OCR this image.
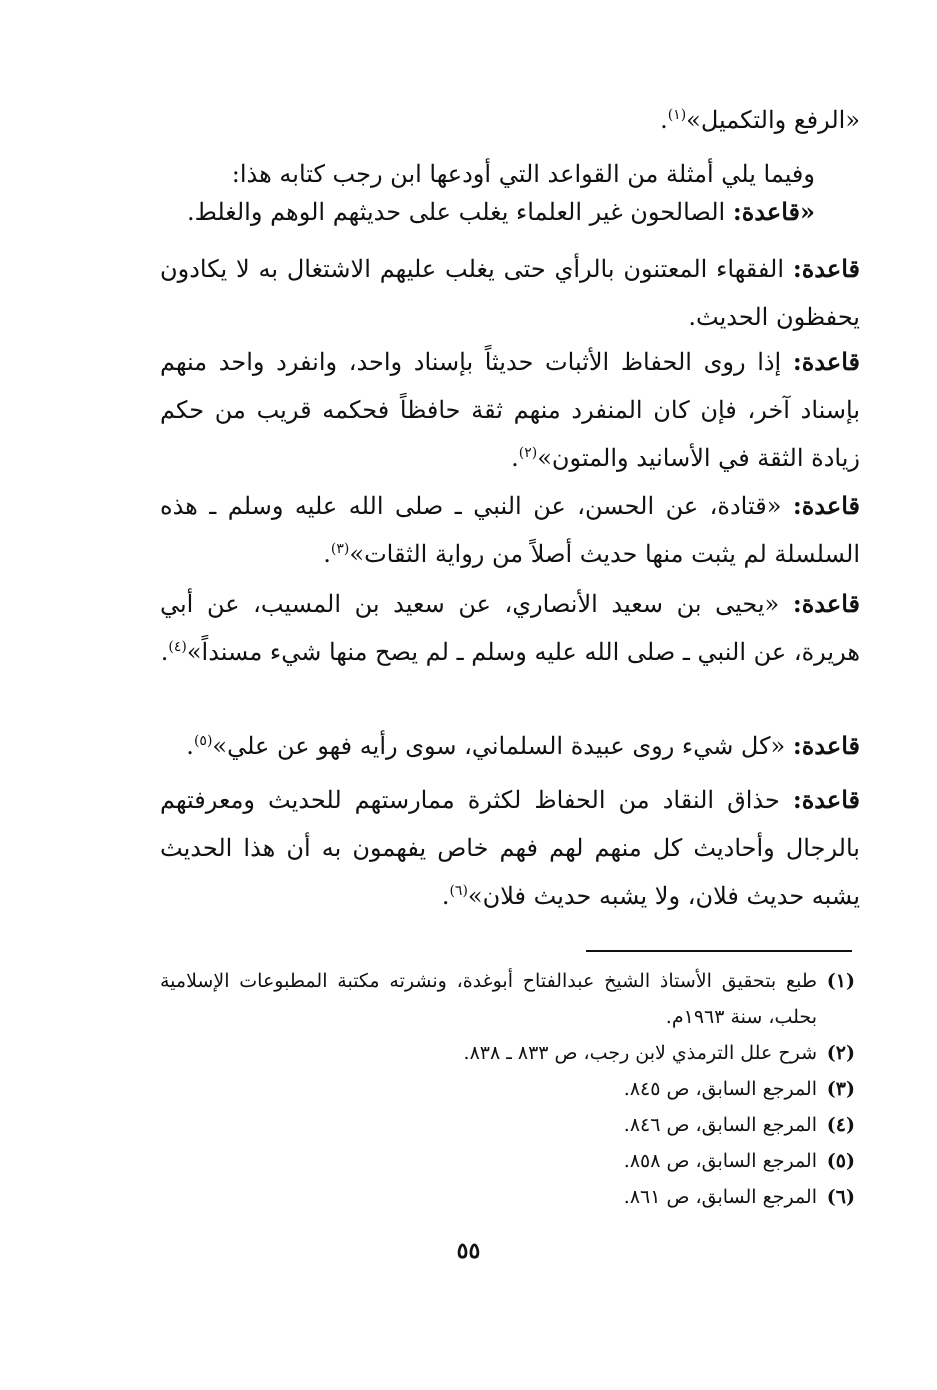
«الرفع والتكميل»$^{(١)}$.

وفيما يلي أمثلة من القواعد التي أودعها ابن رجب كتابه هذا:

«قاعدة: الصالحون غير العلماء يغلب على حديثهم الوهم والغلط.

قاعدة: الفقهاء المعتنون بالرأي حتى يغلب عليهم الاشتغال به لا يكادون يحفظون الحديث.

قاعدة: إذا روى الحفاظ الأثبات حديثاً بإسناد واحد، وانفرد واحد منهم بإسناد آخر، فإن كان المنفرد منهم ثقة حافظاً فحكمه قريب من حكم زيادة الثقة في الأسانيد والمتون»$^{(٢)}$.

قاعدة: «قتادة، عن الحسن، عن النبي ـ صلى الله عليه وسلم ـ هذه السلسلة لم يثبت منها حديث أصلاً من رواية الثقات»$^{(٣)}$.

قاعدة: «يحيى بن سعيد الأنصاري، عن سعيد بن المسيب، عن أبي هريرة، عن النبي ـ صلى الله عليه وسلم ـ لم يصح منها شيء مسنداً»$^{(٤)}$.

قاعدة: «كل شيء روى عبيدة السلماني، سوى رأيه فهو عن علي»$^{(٥)}$.

قاعدة: حذاق النقاد من الحفاظ لكثرة ممارستهم للحديث ومعرفتهم بالرجال وأحاديث كل منهم لهم فهم خاص يفهمون به أن هذا الحديث يشبه حديث فلان، ولا يشبه حديث فلان»$^{(٦)}$.

(١)
طبع بتحقيق الأستاذ الشيخ عبدالفتاح أبوغدة، ونشرته مكتبة المطبوعات الإسلامية بحلب، سنة ١٩٦٣م.
(٢)
شرح علل الترمذي لابن رجب، ص ٨٣٣ ـ ٨٣٨.
(٣)
المرجع السابق، ص ٨٤٥.
(٤)
المرجع السابق، ص ٨٤٦.
(٥)
المرجع السابق، ص ٨٥٨.
(٦)
المرجع السابق، ص ٨٦١.
٥٥
